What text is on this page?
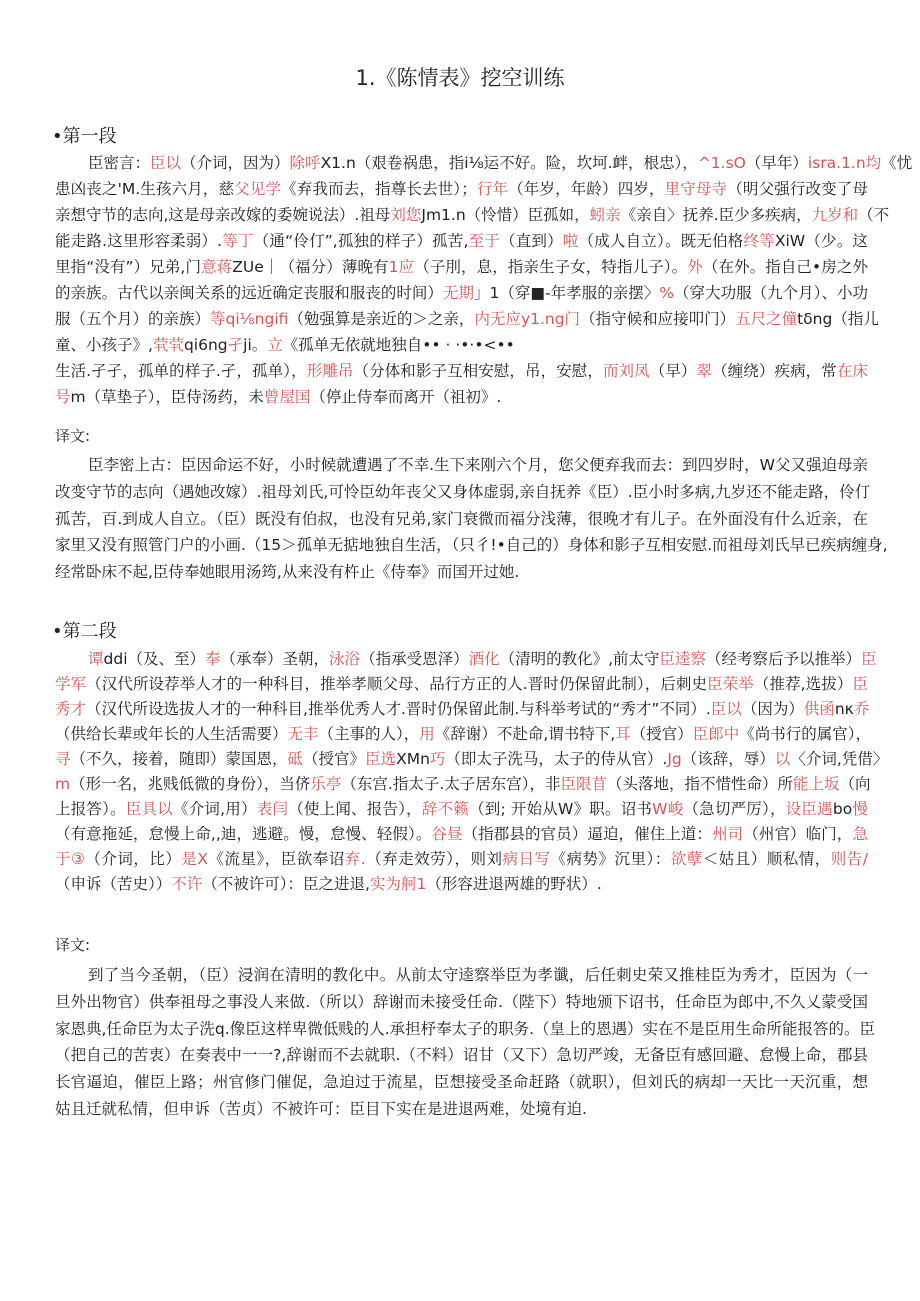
1.《陈情表》挖空训练
•第一段
臣密言：臣以（介词，因为）除呼X1.n（艰卷祸患，指i⅛运不好。险，坎坷.衅，根忠），^1.sO（早年）isra.1.n均《忧
患凶丧之'M.生孩六月，慈父见学《弃我而去，指尊长去世）；行年（年岁，年龄）四岁，里守母寺（明父强行改变了母
亲想守节的志向,这是母亲改嫁的委婉说法）.祖母刘您Jm1.n（怜惜）臣孤如，蚓亲《亲自〉抚养.臣少多疾病，九岁和（不
能走路.这里形容柔弱）.等丁（通“伶仃”,孤独的样子）孤苦,至于（直到）啦（成人自立）。既无伯格终等XiW（少。这
里指“没有”）兄弟,门意蒋ZUe｜（福分）薄晚有1应（子刖，息，指亲生子女，特指儿子）。外（在外。指自己•房之外
的亲族。古代以亲闽关系的远近确定丧服和服丧的时间）无期」1（穿■-年孝服的亲摆〉%（穿大功服（九个月）、小功
服（五个月）的亲族）等qi⅛ngifi（勉强算是亲近的＞之亲，内无应y1.ng门（指守候和应接叩门）五尺之僮tδng（指儿
童、小孩子》,茕茕qi6ng孑ji。立《孤单无依就地独自•• · ·•·•<••
生活.孑孑，孤单的样子.孑，孤单），形雕吊（分体和影子互相安慰，吊，安慰，而刘凤（早）翠（缠绕）疾病，常在床
号m（草垫子），臣侍汤药，未曾屋国（停止侍奉而离开（祖初》.
译文:
臣李密上古：臣因命运不好，小时候就遭遇了不幸.生下来刚六个月，您父便弃我而去：到四岁时，W父又强迫母亲
改变守节的志向（遇她改嫁）.祖母刘氏,可怜臣幼年丧父又身体虚弱,亲自抚养《臣）.臣小时多病,九岁还不能走路，伶仃
孤苦，百.到成人自立。（臣）既没有伯叔，也没有兄弟,家门衰微而福分浅薄，很晚才有儿子。在外面没有什么近亲，在
家里又没有照管门户的小画.（15＞孤单无掂地独自生活，（只彳!•自己的）身体和影子互相安慰.而祖母刘氏早已疾病缠身,
经常卧床不起,臣侍奉她眼用汤筠,从来没有杵止《侍奉》而国开过她.
•第二段
谭ddi（及、至）奉（承奉）圣朝，泳浴（指承受恩泽）酒化（清明的教化》,前太守臣逵察（经考察后予以推举）臣
学军（汉代所设荐举人才的一种科目，推举孝顺父母、品行方正的人.晋时仍保留此制），后刺史臣荣举（推荐,选拔）臣
秀才（汉代所设选拔人才的一种科目,推举优秀人才.晋时仍保留此制.与科举考试的“秀才”不同）.臣以（因为）供函nκ乔
（供给长辈或年长的人生活需要）无丰（主事的人），用《辞谢）不赴命,谓书特下,耳（授官）臣郎中《尚书行的属官），
寻（不久，接着，随即）蒙国恩，砥（授官》臣选XMn巧（即太子洗马，太子的侍从官）.Jg（该辞，辱）以〈介词,凭借〉
m（形一名，兆贱低微的身份），当侪乐亭（东宫.指太子.太子居东宫），非臣限苜（头落地，指不惜性命）所能上坂（向
上报答）。臣具以《介词,用）表闫（使上闻、报告），辞不籁（到; 开始从W》职。诏书W峻（急切严厉），设臣遇bo慢
（有意拖延，怠慢上命,,迪，逃避。慢，怠慢、轻假）。谷昼（指郡县的官员）逼迫，催住上道：州司（州官）临门，急
于③（介词，比）是X《流星》，臣欲奉诏弃.（弃走效劳），则刘病日写《病势》沉里）：欲孽＜姑且）顺私情，则告/
（申诉（苦史））不许（不被许可）：臣之进退,实为舸1（形容进退两雄的野状）.
译文:
到了当今圣朝，（臣）浸润在清明的教化中。从前太守逵察举臣为孝谶，后任刺史荣又推桂臣为秀才，臣因为（一
旦外出物官）供奉祖母之事没人来做.（所以）辞谢而未接受任命.（陛下）特地颁下诏书，任命臣为郎中,不久乂蒙受国
家恩典,任命臣为太子洗q.像臣这样卑微低贱的人.承担杼奉太子的职务.（皇上的恩遇）实在不是臣用生命所能报答的。臣
（把自己的苦衷）在奏表中一一?,辞谢而不去就职.（不料）诏甘（又下）急切严竣，无备臣有感回避、怠慢上命，郡县
长官逼迫，催臣上路；州官修门催促，急迫过于流星，臣想接受圣命赶路（就职），但刘氏的病却一天比一天沉重，想
姑且迁就私情，但申诉（苦贞）不被许可：臣目下实在是进退两难，处境有迫.
